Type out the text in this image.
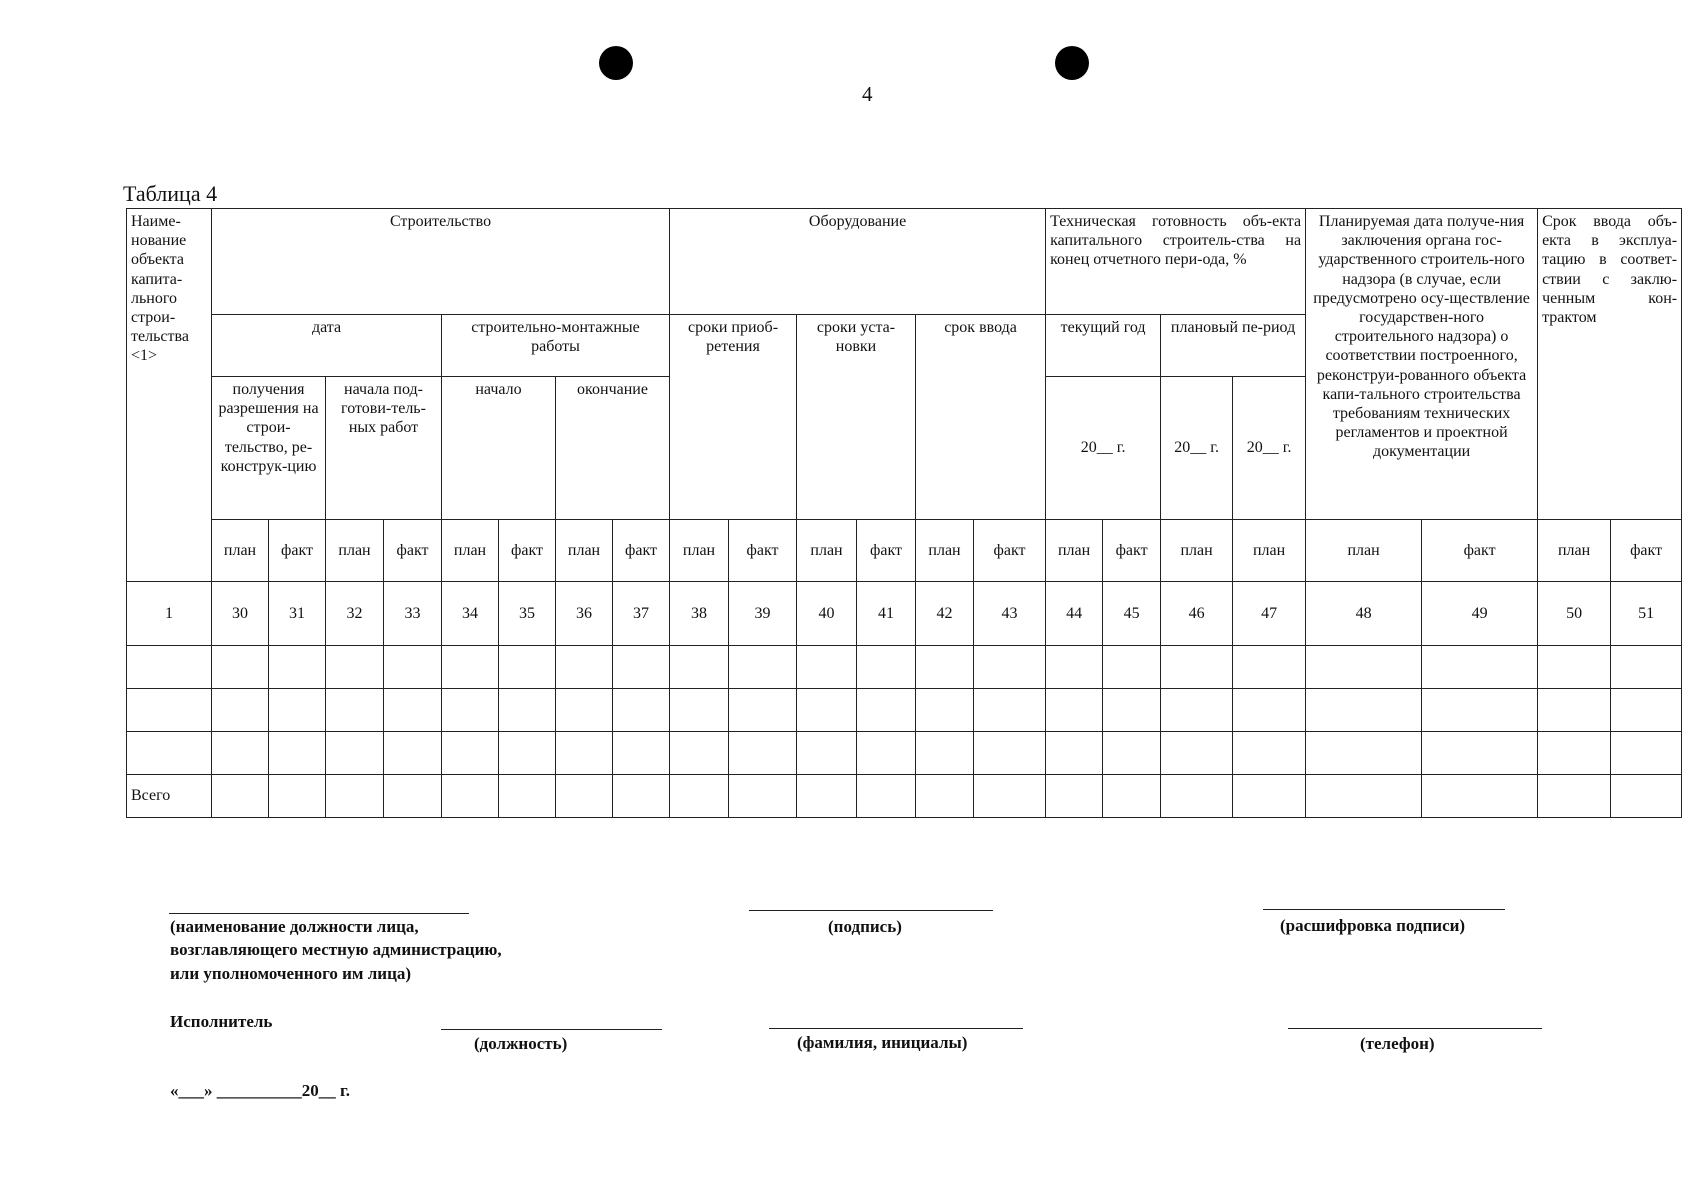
4
Таблица 4
Наиме-нование объекта капита-льного строи-тельства <1>	Строительство								Оборудование						Техническая готовность объ-екта капитального строитель-ства на конец отчетного пери-ода, %				Планируемая дата получе-ния заключения органа гос-ударственного строитель-ного надзора (в случае, если предусмотрено осу-ществление государствен-ного строительного надзора) о соответствии построенного, реконструи-рованного объекта капи-тального строительства требованиям технических регламентов и проектной документации		Срок ввода объ-екта в эксплуа-тацию в соответ-ствии с заклю-ченным кон-трактом	
	дата				строительно-монтажные работы				сроки приоб-ретения		сроки уста-новки		срок ввода		текущий год		плановый пе-риод					
	получения разрешения на строи-тельство, ре-конструк-цию		начала под-готови-тель-ных работ		начало		окончание								20__ г.		20__ г.	20__ г.				
	план	факт	план	факт	план	факт	план	факт	план	факт	план	факт	план	факт	план	факт	план	план	план	факт	план	факт
1	30	31	32	33	34	35	36	37	38	39	40	41	42	43	44	45	46	47	48	49	50	51

Всего																						
(наименование должности лица,
возглавляющего местную администрацию,
или уполномоченного им лица)
(подпись)	(расшифровка подписи)
Исполнитель
(должность)	(фамилия, инициалы)	(телефон)
«___» __________20__ г.
